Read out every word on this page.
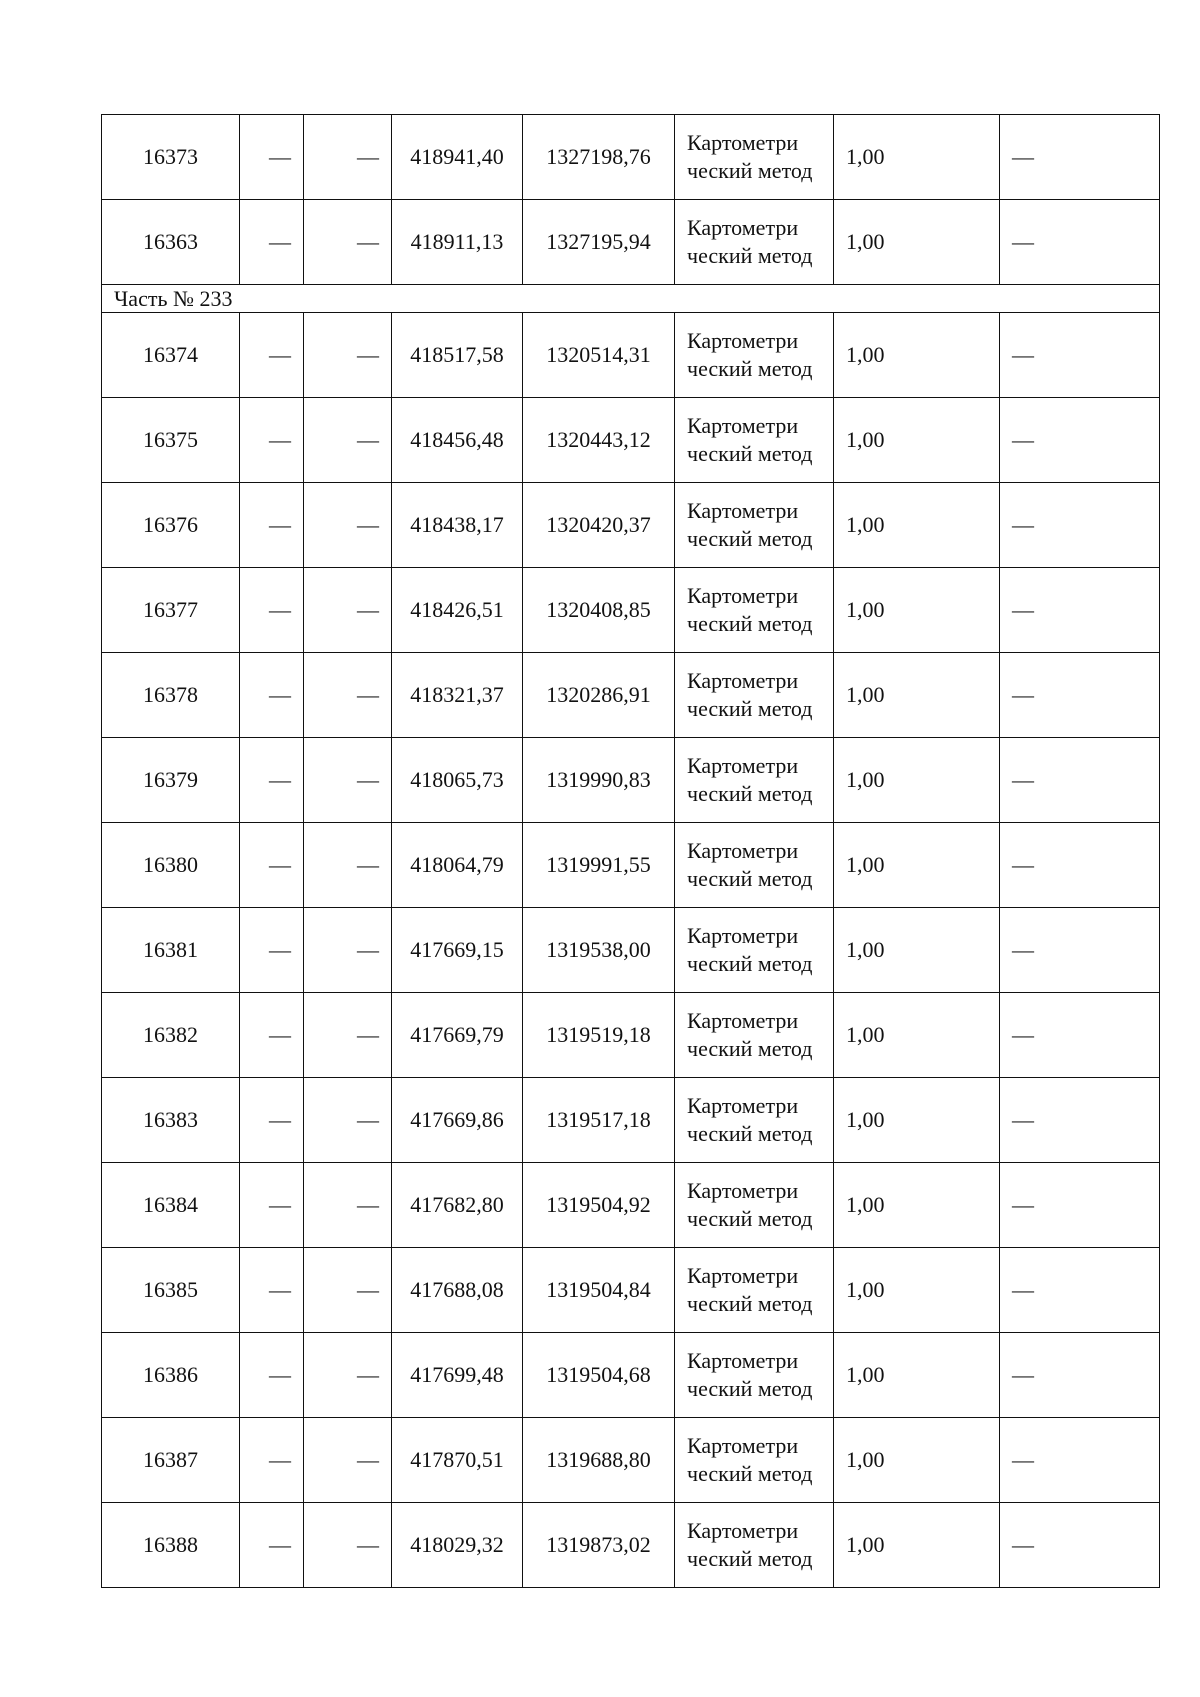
16373	—	—	418941,40	1327198,76	Картометри ческий метод	1,00	—
16363	—	—	418911,13	1327195,94	Картометри ческий метод	1,00	—
Часть № 233							
16374	—	—	418517,58	1320514,31	Картометри ческий метод	1,00	—
16375	—	—	418456,48	1320443,12	Картометри ческий метод	1,00	—
16376	—	—	418438,17	1320420,37	Картометри ческий метод	1,00	—
16377	—	—	418426,51	1320408,85	Картометри ческий метод	1,00	—
16378	—	—	418321,37	1320286,91	Картометри ческий метод	1,00	—
16379	—	—	418065,73	1319990,83	Картометри ческий метод	1,00	—
16380	—	—	418064,79	1319991,55	Картометри ческий метод	1,00	—
16381	—	—	417669,15	1319538,00	Картометри ческий метод	1,00	—
16382	—	—	417669,79	1319519,18	Картометри ческий метод	1,00	—
16383	—	—	417669,86	1319517,18	Картометри ческий метод	1,00	—
16384	—	—	417682,80	1319504,92	Картометри ческий метод	1,00	—
16385	—	—	417688,08	1319504,84	Картометри ческий метод	1,00	—
16386	—	—	417699,48	1319504,68	Картометри ческий метод	1,00	—
16387	—	—	417870,51	1319688,80	Картометри ческий метод	1,00	—
16388	—	—	418029,32	1319873,02	Картометри ческий метод	1,00	—
